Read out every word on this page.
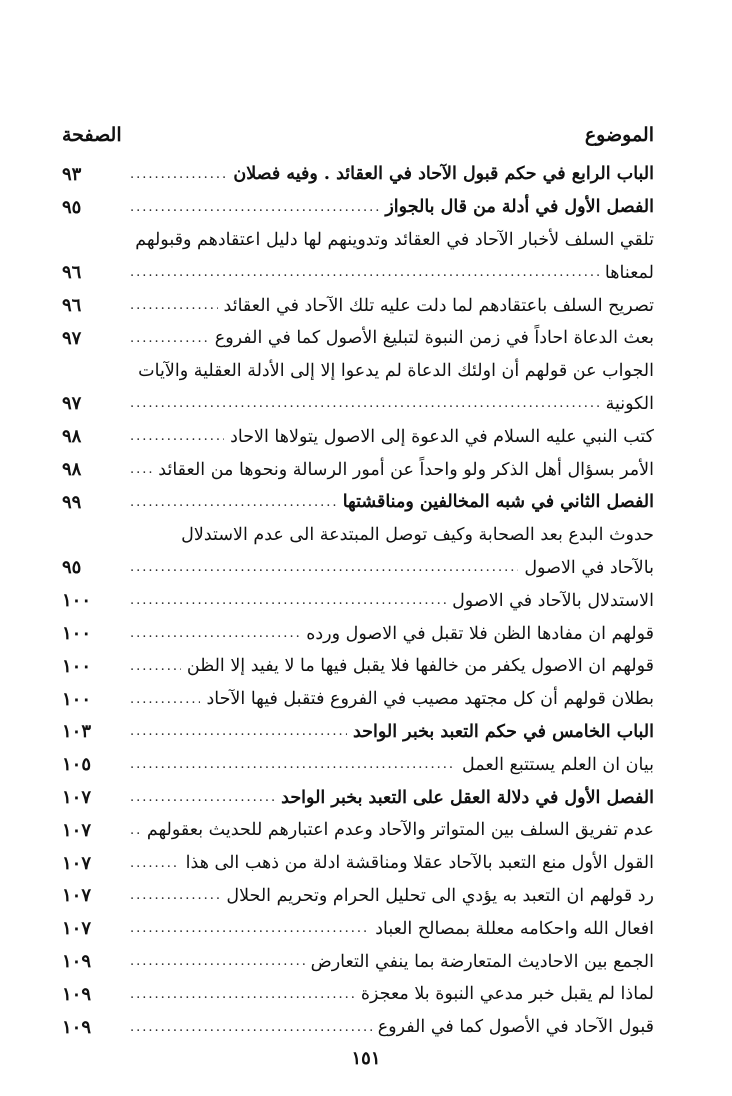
الموضوع
الصفحة
الباب الرابع في حكم قبول الآحاد في العقائد . وفيه فصلان
.....
٩٣
الفصل الأول في أدلة من قال بالجواز
.....
٩٥
تلقي السلف لأخبار الآحاد في العقائد وتدوينهم لها دليل اعتقادهم وقبولهم
لمعناها
.....
٩٦
تصريح السلف باعتقادهم لما دلت عليه تلك الآحاد في العقائد
.....
٩٦
بعث الدعاة احاداً في زمن النبوة لتبليغ الأصول كما في الفروع
.....
٩٧
الجواب عن قولهم أن اولئك الدعاة لم يدعوا إلا إلى الأدلة العقلية والآيات
الكونية
.....
٩٧
كتب النبي عليه السلام في الدعوة إلى الاصول يتولاها الاحاد
.....
٩٨
الأمر بسؤال أهل الذكر ولو واحداً عن أمور الرسالة ونحوها من العقائد
.....
٩٨
الفصل الثاني في شبه المخالفين ومناقشتها
.....
٩٩
حدوث البدع بعد الصحابة وكيف توصل المبتدعة الى عدم الاستدلال
بالآحاد في الاصول
.....
٩٥
الاستدلال بالآحاد في الاصول
.....
١٠٠
قولهم ان مفادها الظن فلا تقبل في الاصول ورده
.....
١٠٠
قولهم ان الاصول يكفر من خالفها فلا يقبل فيها ما لا يفيد إلا الظن
.....
١٠٠
بطلان قولهم أن كل مجتهد مصيب في الفروع فتقبل فيها الآحاد
.....
١٠٠
الباب الخامس في حكم التعبد بخبر الواحد
.....
١٠٣
بيان ان العلم يستتبع العمل
.....
١٠٥
الفصل الأول في دلالة العقل على التعبد بخبر الواحد
.....
١٠٧
عدم تفريق السلف بين المتواتر والآحاد وعدم اعتبارهم للحديث بعقولهم
.....
١٠٧
القول الأول منع التعبد بالآحاد عقلا ومناقشة ادلة من ذهب الى هذا
.....
١٠٧
رد قولهم ان التعبد به يؤدي الى تحليل الحرام وتحريم الحلال
.....
١٠٧
افعال الله واحكامه معللة بمصالح العباد
.....
١٠٧
الجمع بين الاحاديث المتعارضة بما ينفي التعارض
.....
١٠٩
لماذا لم يقبل خبر مدعي النبوة بلا معجزة
.....
١٠٩
قبول الآحاد في الأصول كما في الفروع
.....
١٠٩
١٥١
